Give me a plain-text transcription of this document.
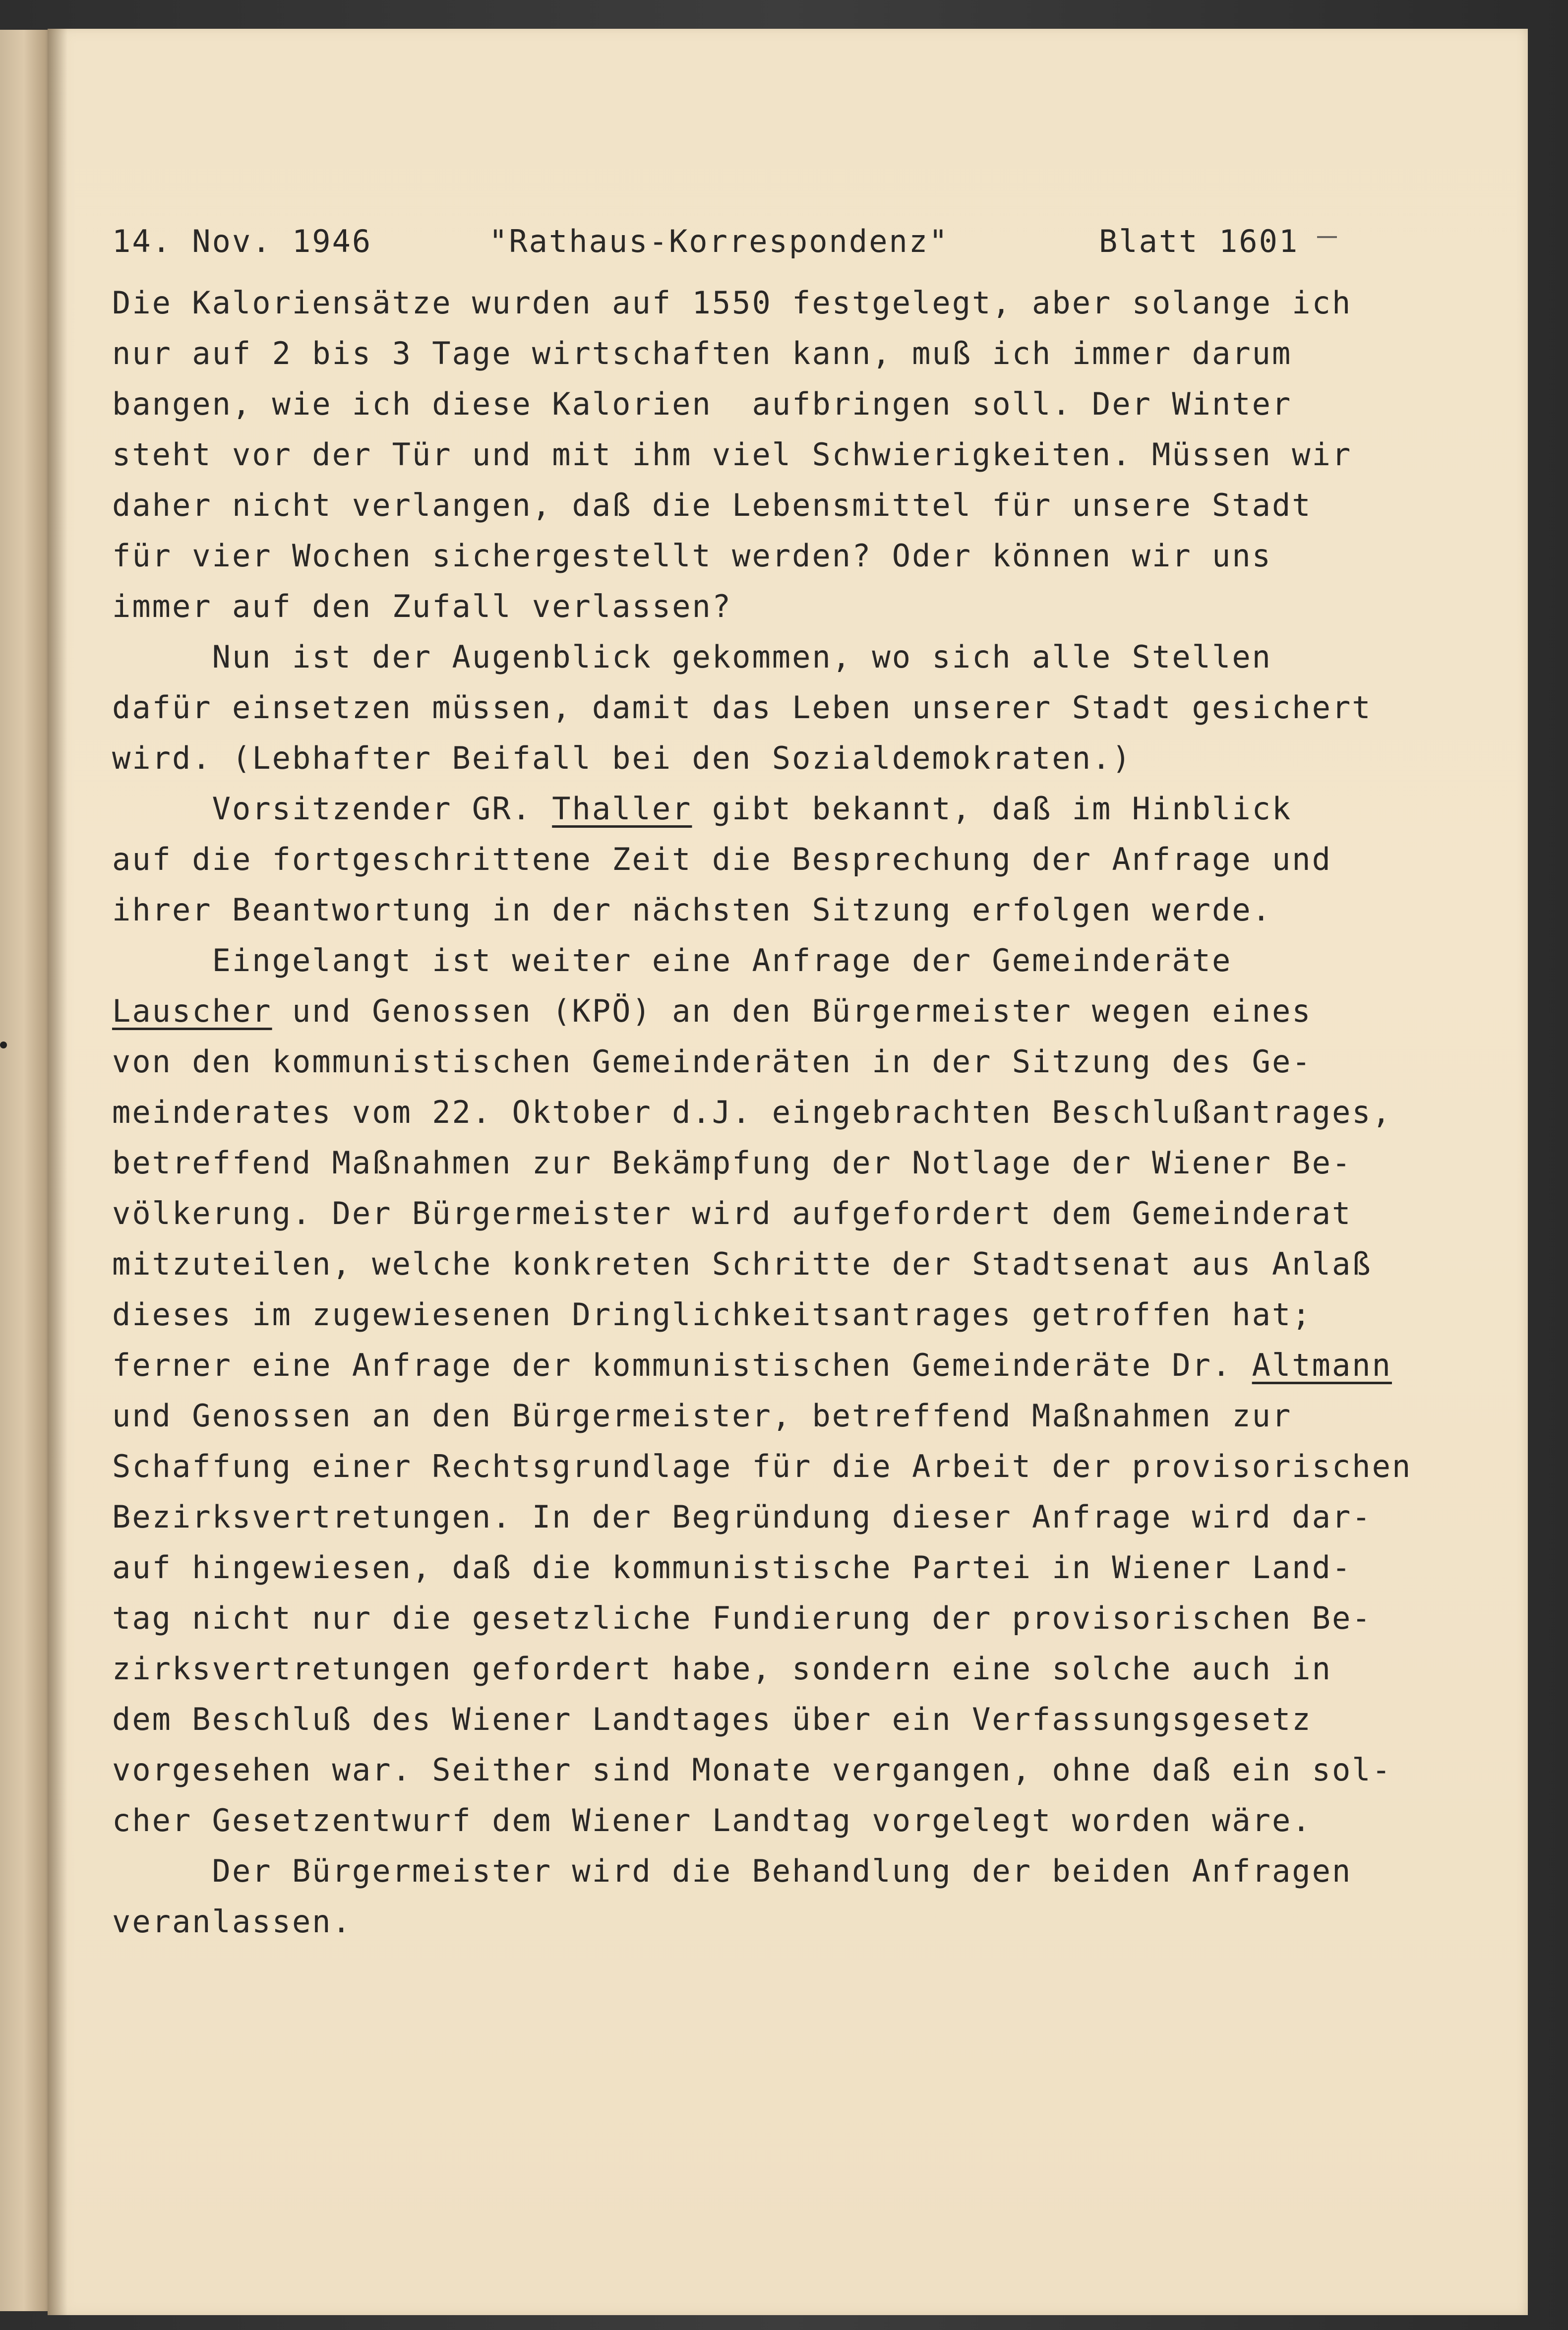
14. Nov. 1946	"Rathaus-Korrespondenz"	Blatt 1601
Die Kaloriensätze wurden auf 1550 festgelegt, aber solange ich
nur auf 2 bis 3 Tage wirtschaften kann, muß ich immer darum
bangen, wie ich diese Kalorien  aufbringen soll. Der Winter
steht vor der Tür und mit ihm viel Schwierigkeiten. Müssen wir
daher nicht verlangen, daß die Lebensmittel für unsere Stadt
für vier Wochen sichergestellt werden? Oder können wir uns
immer auf den Zufall verlassen?
Nun ist der Augenblick gekommen, wo sich alle Stellen
dafür einsetzen müssen, damit das Leben unserer Stadt gesichert
wird. (Lebhafter Beifall bei den Sozialdemokraten.)
Vorsitzender GR. Thaller gibt bekannt, daß im Hinblick
auf die fortgeschrittene Zeit die Besprechung der Anfrage und
ihrer Beantwortung in der nächsten Sitzung erfolgen werde.
Eingelangt ist weiter eine Anfrage der Gemeinderäte
Lauscher und Genossen (KPÖ) an den Bürgermeister wegen eines
von den kommunistischen Gemeinderäten in der Sitzung des Ge-
meinderates vom 22. Oktober d.J. eingebrachten Beschlußantrages,
betreffend Maßnahmen zur Bekämpfung der Notlage der Wiener Be-
völkerung. Der Bürgermeister wird aufgefordert dem Gemeinderat
mitzuteilen, welche konkreten Schritte der Stadtsenat aus Anlaß
dieses im zugewiesenen Dringlichkeitsantrages getroffen hat;
ferner eine Anfrage der kommunistischen Gemeinderäte Dr. Altmann
und Genossen an den Bürgermeister, betreffend Maßnahmen zur
Schaffung einer Rechtsgrundlage für die Arbeit der provisorischen
Bezirksvertretungen. In der Begründung dieser Anfrage wird dar-
auf hingewiesen, daß die kommunistische Partei in Wiener Land-
tag nicht nur die gesetzliche Fundierung der provisorischen Be-
zirksvertretungen gefordert habe, sondern eine solche auch in
dem Beschluß des Wiener Landtages über ein Verfassungsgesetz
vorgesehen war. Seither sind Monate vergangen, ohne daß ein sol-
cher Gesetzentwurf dem Wiener Landtag vorgelegt worden wäre.
Der Bürgermeister wird die Behandlung der beiden Anfragen
veranlassen.
